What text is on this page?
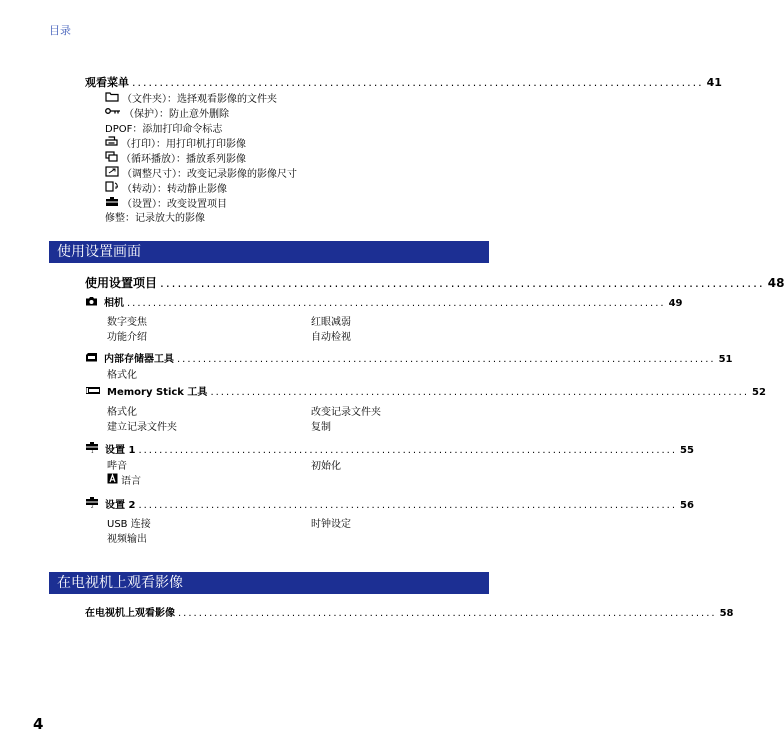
目录
观看菜单 ........................................................................................................ 41
（文件夹）：选择观看影像的文件夹
（保护）：防止意外删除
DPOF：添加打印命令标志
（打印）：用打印机打印影像
（循环播放）：播放系列影像
（调整尺寸）：改变记录影像的影像尺寸
（转动）：转动静止影像
（设置）：改变设置项目
修整：记录放大的影像
使用设置画面
使用设置项目 ........................................................................................................ 48
相机 ........................................................................................................ 49
数字变焦
功能介绍
红眼减弱
自动检视
内部存储器工具 ........................................................................................................ 51
格式化
Memory Stick 工具 ........................................................................................................ 52
格式化
建立记录文件夹
改变记录文件夹
复制
1 设置 1 ........................................................................................................ 55
哔音	初始化
语言
2 设置 2 ........................................................................................................ 56
USB 连接
视频输出
时钟设定
在电视机上观看影像
在电视机上观看影像 ........................................................................................................ 58
4
